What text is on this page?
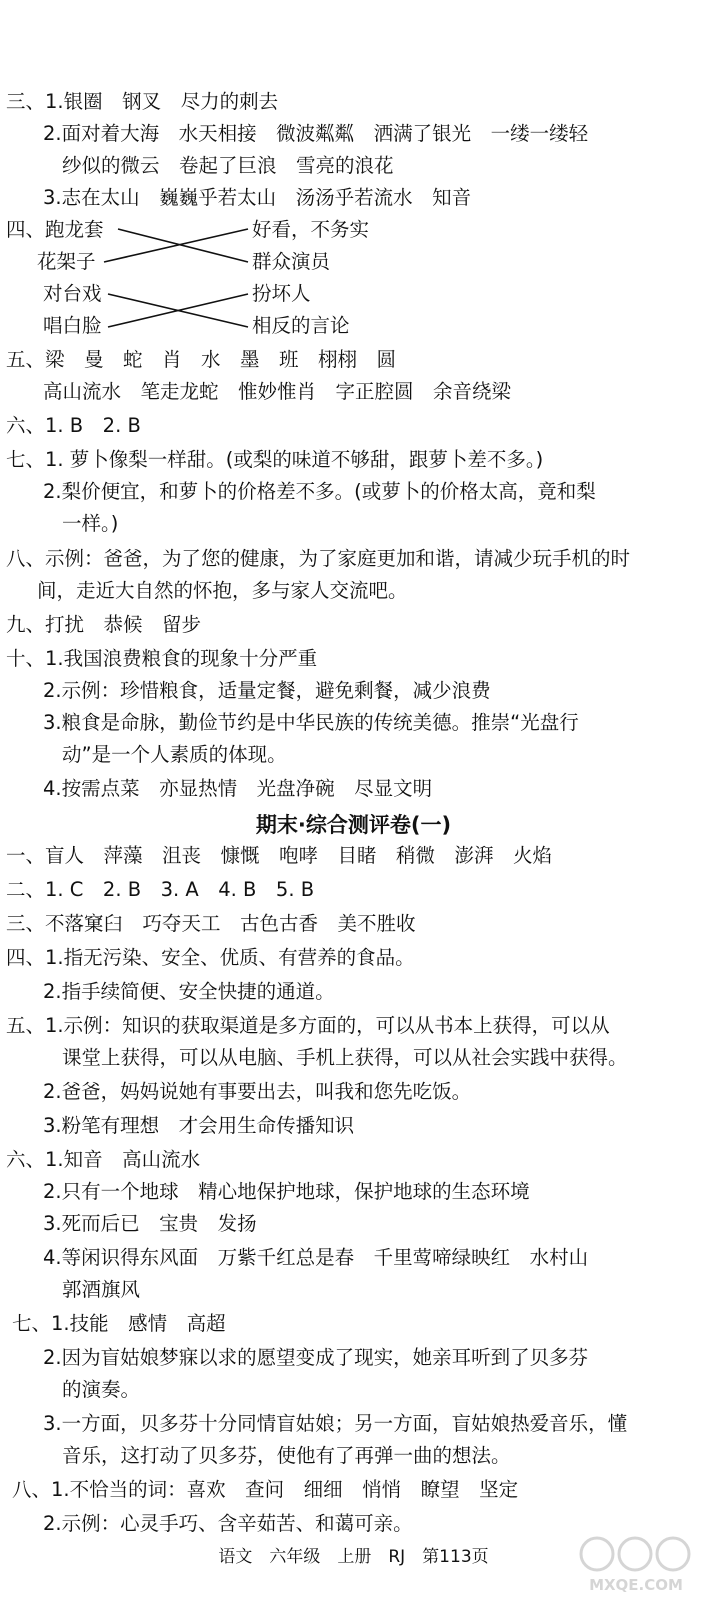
三、1.银圈　钢叉　尽力的刺去
2.面对着大海　水天相接　微波粼粼　洒满了银光　一缕一缕轻
纱似的微云　卷起了巨浪　雪亮的浪花
3.志在太山　巍巍乎若太山　汤汤乎若流水　知音
四、跑龙套	好看，不务实
花架子	群众演员
对台戏	扮坏人
唱白脸	相反的言论
五、梁　曼　蛇　肖　水　墨　班　栩栩　圆
高山流水　笔走龙蛇　惟妙惟肖　字正腔圆　余音绕梁
六、1. B　2. B
七、1. 萝卜像梨一样甜。(或梨的味道不够甜，跟萝卜差不多。)
2.梨价便宜，和萝卜的价格差不多。(或萝卜的价格太高，竟和梨
一样。)
八、示例：爸爸，为了您的健康，为了家庭更加和谐，请减少玩手机的时
间，走近大自然的怀抱，多与家人交流吧。
九、打扰　恭候　留步
十、1.我国浪费粮食的现象十分严重
2.示例：珍惜粮食，适量定餐，避免剩餐，减少浪费
3.粮食是命脉，勤俭节约是中华民族的传统美德。推崇“光盘行
动”是一个人素质的体现。
4.按需点菜　亦显热情　光盘净碗　尽显文明
期末·综合测评卷(一)
一、盲人　萍藻　沮丧　慷慨　咆哮　目睹　稍微　澎湃　火焰
二、1. C　2. B　3. A　4. B　5. B
三、不落窠臼　巧夺天工　古色古香　美不胜收
四、1.指无污染、安全、优质、有营养的食品。
2.指手续简便、安全快捷的通道。
五、1.示例：知识的获取渠道是多方面的，可以从书本上获得，可以从
课堂上获得，可以从电脑、手机上获得，可以从社会实践中获得。
2.爸爸，妈妈说她有事要出去，叫我和您先吃饭。
3.粉笔有理想　才会用生命传播知识
六、1.知音　高山流水
2.只有一个地球　精心地保护地球，保护地球的生态环境
3.死而后已　宝贵　发扬
4.等闲识得东风面　万紫千红总是春　千里莺啼绿映红　水村山
郭酒旗风
七、1.技能　感情　高超
2.因为盲姑娘梦寐以求的愿望变成了现实，她亲耳听到了贝多芬
的演奏。
3.一方面，贝多芬十分同情盲姑娘；另一方面，盲姑娘热爱音乐，懂
音乐，这打动了贝多芬，使他有了再弹一曲的想法。
八、1.不恰当的词：喜欢　查问　细细　悄悄　瞭望　坚定
2.示例：心灵手巧、含辛茹苦、和蔼可亲。
语文　六年级　上册　RJ　第113页
MXQE.COM
